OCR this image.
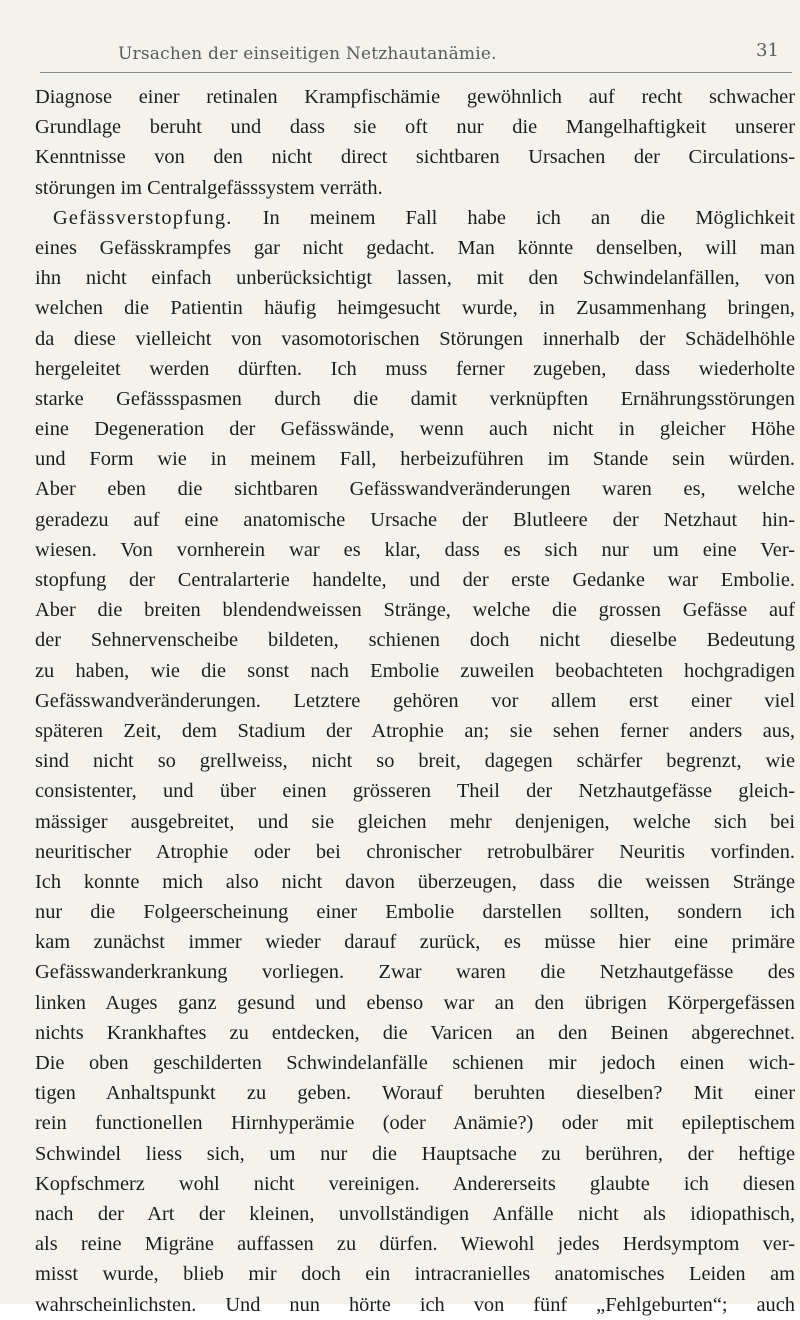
Ursachen der einseitigen Netzhautanämie.	31
Diagnose einer retinalen Krampfischämie gewöhnlich auf recht schwacher
Grundlage beruht und dass sie oft nur die Mangelhaftigkeit unserer
Kenntnisse von den nicht direct sichtbaren Ursachen der Circulations-
störungen im Centralgefässsystem verräth.
Gefässverstopfung. In meinem Fall habe ich an die Möglichkeit
eines Gefässkrampfes gar nicht gedacht. Man könnte denselben, will man
ihn nicht einfach unberücksichtigt lassen, mit den Schwindelanfällen, von
welchen die Patientin häufig heimgesucht wurde, in Zusammenhang bringen,
da diese vielleicht von vasomotorischen Störungen innerhalb der Schädelhöhle
hergeleitet werden dürften. Ich muss ferner zugeben, dass wiederholte
starke Gefässspasmen durch die damit verknüpften Ernährungsstörungen
eine Degeneration der Gefässwände, wenn auch nicht in gleicher Höhe
und Form wie in meinem Fall, herbeizuführen im Stande sein würden.
Aber eben die sichtbaren Gefässwandveränderungen waren es, welche
geradezu auf eine anatomische Ursache der Blutleere der Netzhaut hin-
wiesen. Von vornherein war es klar, dass es sich nur um eine Ver-
stopfung der Centralarterie handelte, und der erste Gedanke war Embolie.
Aber die breiten blendendweissen Stränge, welche die grossen Gefässe auf
der Sehnervenscheibe bildeten, schienen doch nicht dieselbe Bedeutung
zu haben, wie die sonst nach Embolie zuweilen beobachteten hochgradigen
Gefässwandveränderungen. Letztere gehören vor allem erst einer viel
späteren Zeit, dem Stadium der Atrophie an; sie sehen ferner anders aus,
sind nicht so grellweiss, nicht so breit, dagegen schärfer begrenzt, wie
consistenter, und über einen grösseren Theil der Netzhautgefässe gleich-
mässiger ausgebreitet, und sie gleichen mehr denjenigen, welche sich bei
neuritischer Atrophie oder bei chronischer retrobulbärer Neuritis vorfinden.
Ich konnte mich also nicht davon überzeugen, dass die weissen Stränge
nur die Folgeerscheinung einer Embolie darstellen sollten, sondern ich
kam zunächst immer wieder darauf zurück, es müsse hier eine primäre
Gefässwanderkrankung vorliegen. Zwar waren die Netzhautgefässe des
linken Auges ganz gesund und ebenso war an den übrigen Körpergefässen
nichts Krankhaftes zu entdecken, die Varicen an den Beinen abgerechnet.
Die oben geschilderten Schwindelanfälle schienen mir jedoch einen wich-
tigen Anhaltspunkt zu geben. Worauf beruhten dieselben? Mit einer
rein functionellen Hirnhyperämie (oder Anämie?) oder mit epileptischem
Schwindel liess sich, um nur die Hauptsache zu berühren, der heftige
Kopfschmerz wohl nicht vereinigen. Andererseits glaubte ich diesen
nach der Art der kleinen, unvollständigen Anfälle nicht als idiopathisch,
als reine Migräne auffassen zu dürfen. Wiewohl jedes Herdsymptom ver-
misst wurde, blieb mir doch ein intracranielles anatomisches Leiden am
wahrscheinlichsten. Und nun hörte ich von fünf „Fehlgeburten“; auch
